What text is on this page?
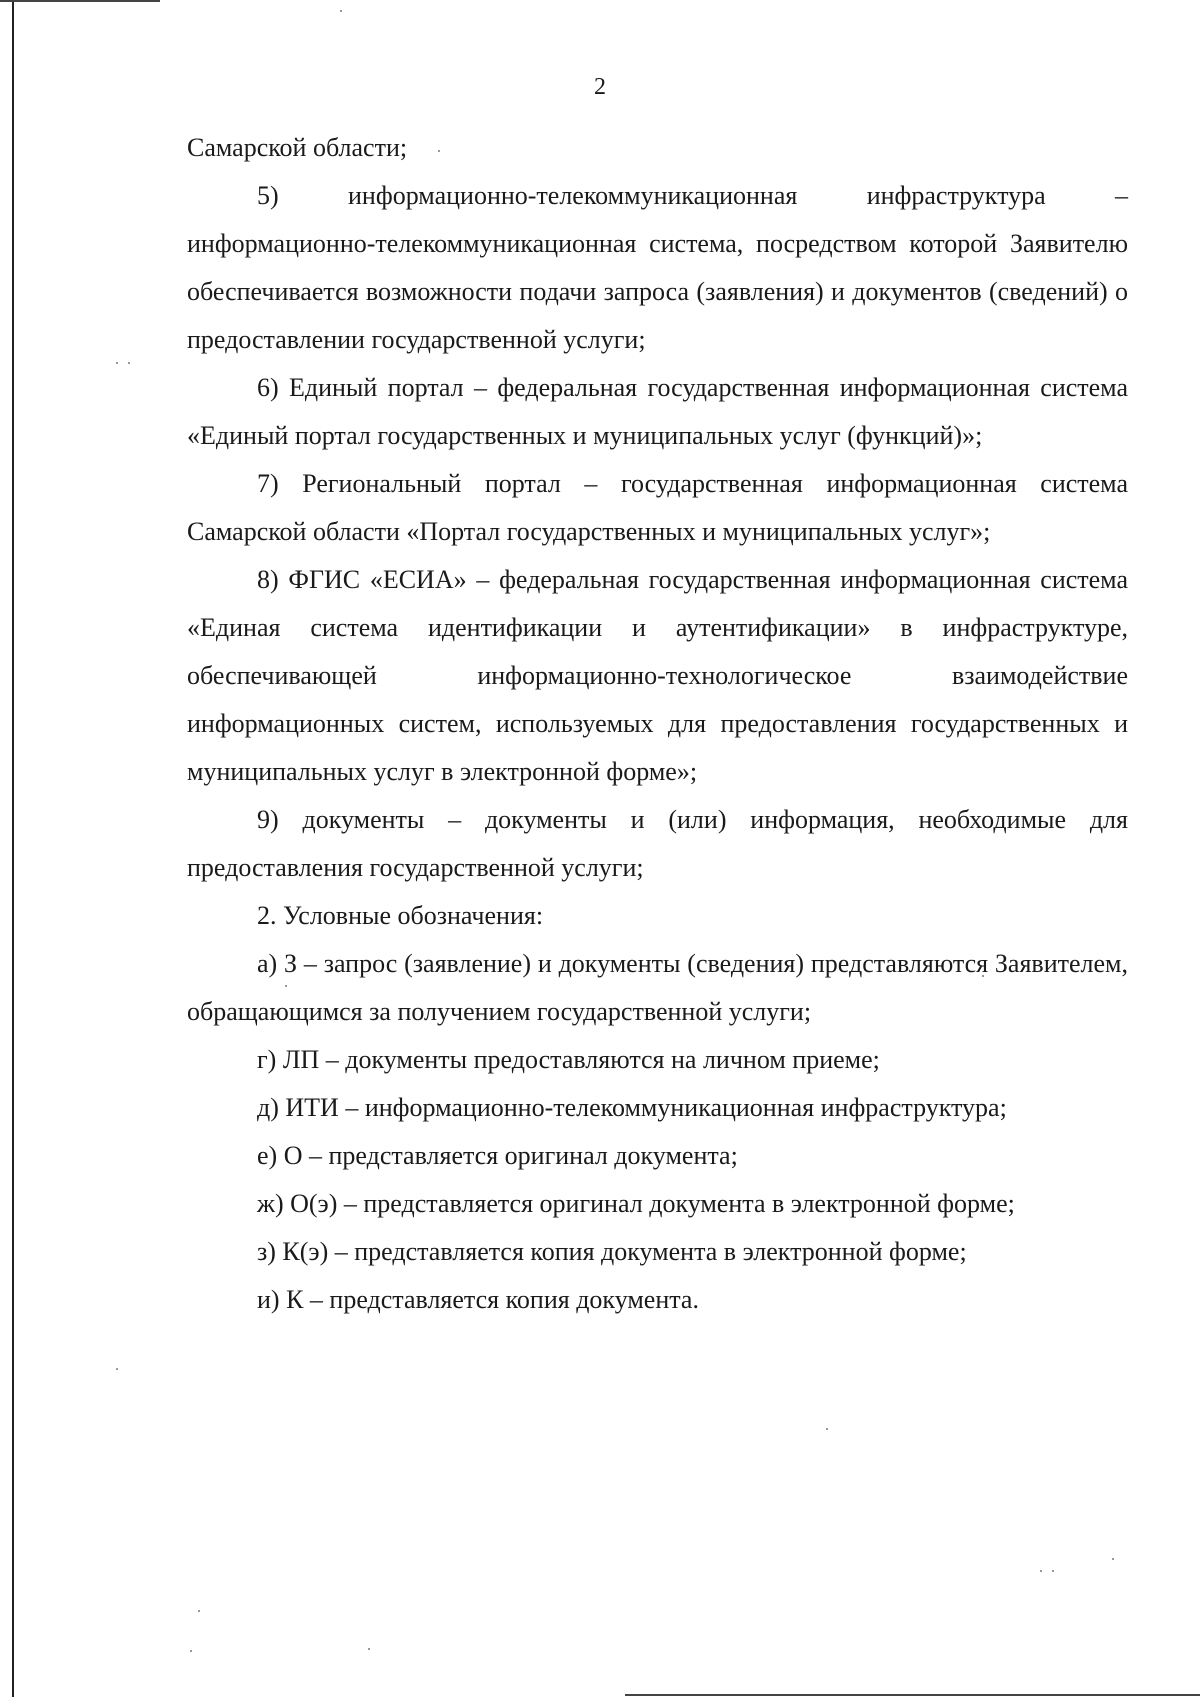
2

Самарской области;

5) информационно-телекоммуникационная инфраструктура – информационно-телекоммуникационная система, посредством которой Заявителю обеспечивается возможности подачи запроса (заявления) и документов (сведений) о предоставлении государственной услуги;

6) Единый портал – федеральная государственная информационная система «Единый портал государственных и муниципальных услуг (функций)»;

7) Региональный портал – государственная информационная система Самарской области «Портал государственных и муниципальных услуг»;

8) ФГИС «ЕСИА» – федеральная государственная информационная система «Единая система идентификации и аутентификации» в инфраструктуре, обеспечивающей информационно-технологическое взаимодействие информационных систем, используемых для предоставления государственных и муниципальных услуг в электронной форме»;

9) документы – документы и (или) информация, необходимые для предоставления государственной услуги;

2. Условные обозначения:

а) З – запрос (заявление) и документы (сведения) представляются Заявителем, обращающимся за получением государственной услуги;

г) ЛП – документы предоставляются на личном приеме;

д) ИТИ – информационно-телекоммуникационная инфраструктура;

е) О – представляется оригинал документа;

ж) О(э) – представляется оригинал документа в электронной форме;

з) К(э) – представляется копия документа в электронной форме;

и) К – представляется копия документа.
